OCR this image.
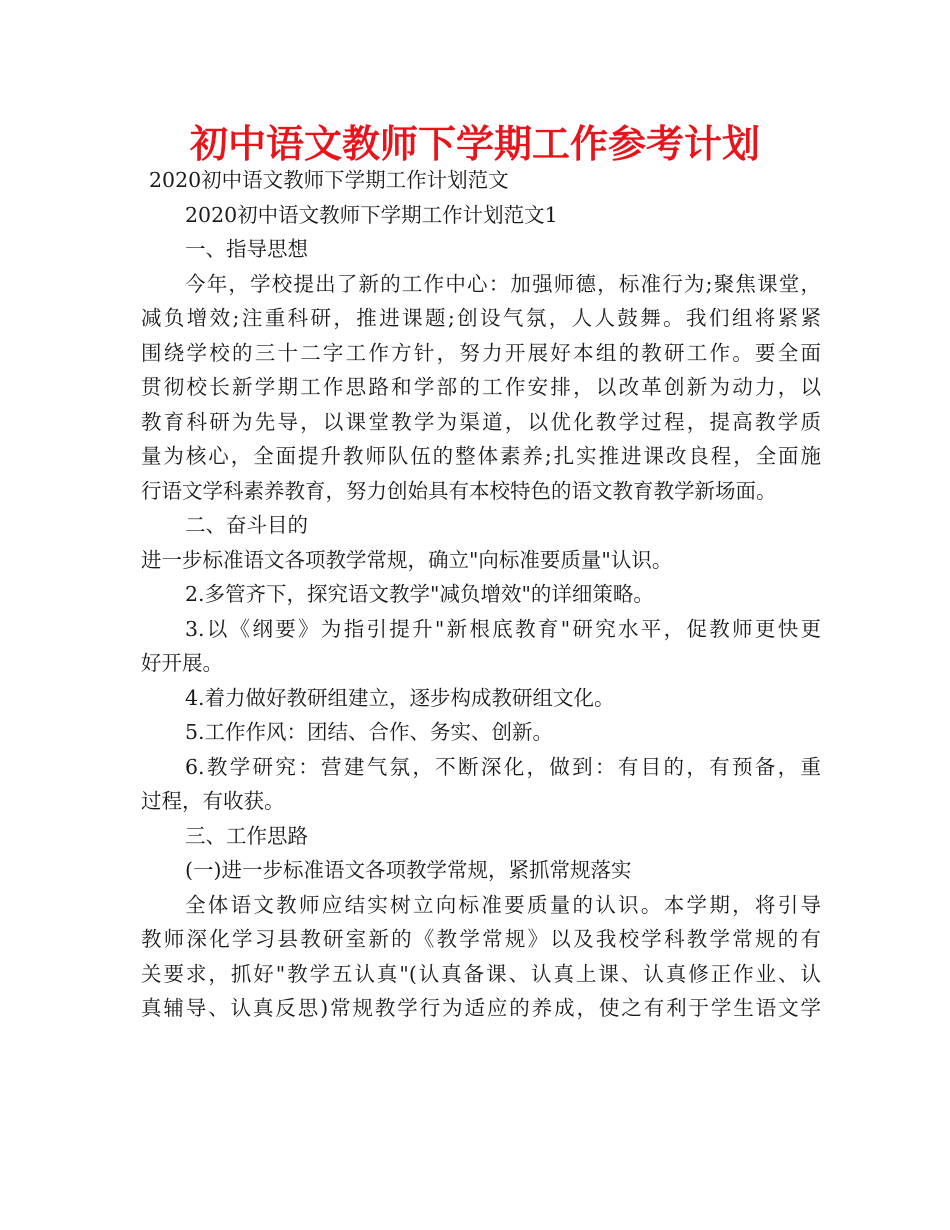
初中语文教师下学期工作参考计划
2020初中语文教师下学期工作计划范文
2020初中语文教师下学期工作计划范文1
一、指导思想
今年，学校提出了新的工作中心：加强师德，标准行为;聚焦课堂，
减负增效;注重科研，推进课题;创设气氛，人人鼓舞。我们组将紧紧
围绕学校的三十二字工作方针，努力开展好本组的教研工作。要全面
贯彻校长新学期工作思路和学部的工作安排，以改革创新为动力，以
教育科研为先导，以课堂教学为渠道，以优化教学过程，提高教学质
量为核心，全面提升教师队伍的整体素养;扎实推进课改良程，全面施
行语文学科素养教育，努力创始具有本校特色的语文教育教学新场面。
二、奋斗目的
进一步标准语文各项教学常规，确立"向标准要质量"认识。
2.多管齐下，探究语文教学"减负增效"的详细策略。
3.以《纲要》为指引提升"新根底教育"研究水平，促教师更快更
好开展。
4.着力做好教研组建立，逐步构成教研组文化。
5.工作作风：团结、合作、务实、创新。
6.教学研究：营建气氛，不断深化，做到：有目的，有预备，重
过程，有收获。
三、工作思路
(一)进一步标准语文各项教学常规，紧抓常规落实
全体语文教师应结实树立向标准要质量的认识。本学期，将引导
教师深化学习县教研室新的《教学常规》以及我校学科教学常规的有
关要求，抓好"教学五认真"(认真备课、认真上课、认真修正作业、认
真辅导、认真反思)常规教学行为适应的养成，使之有利于学生语文学
